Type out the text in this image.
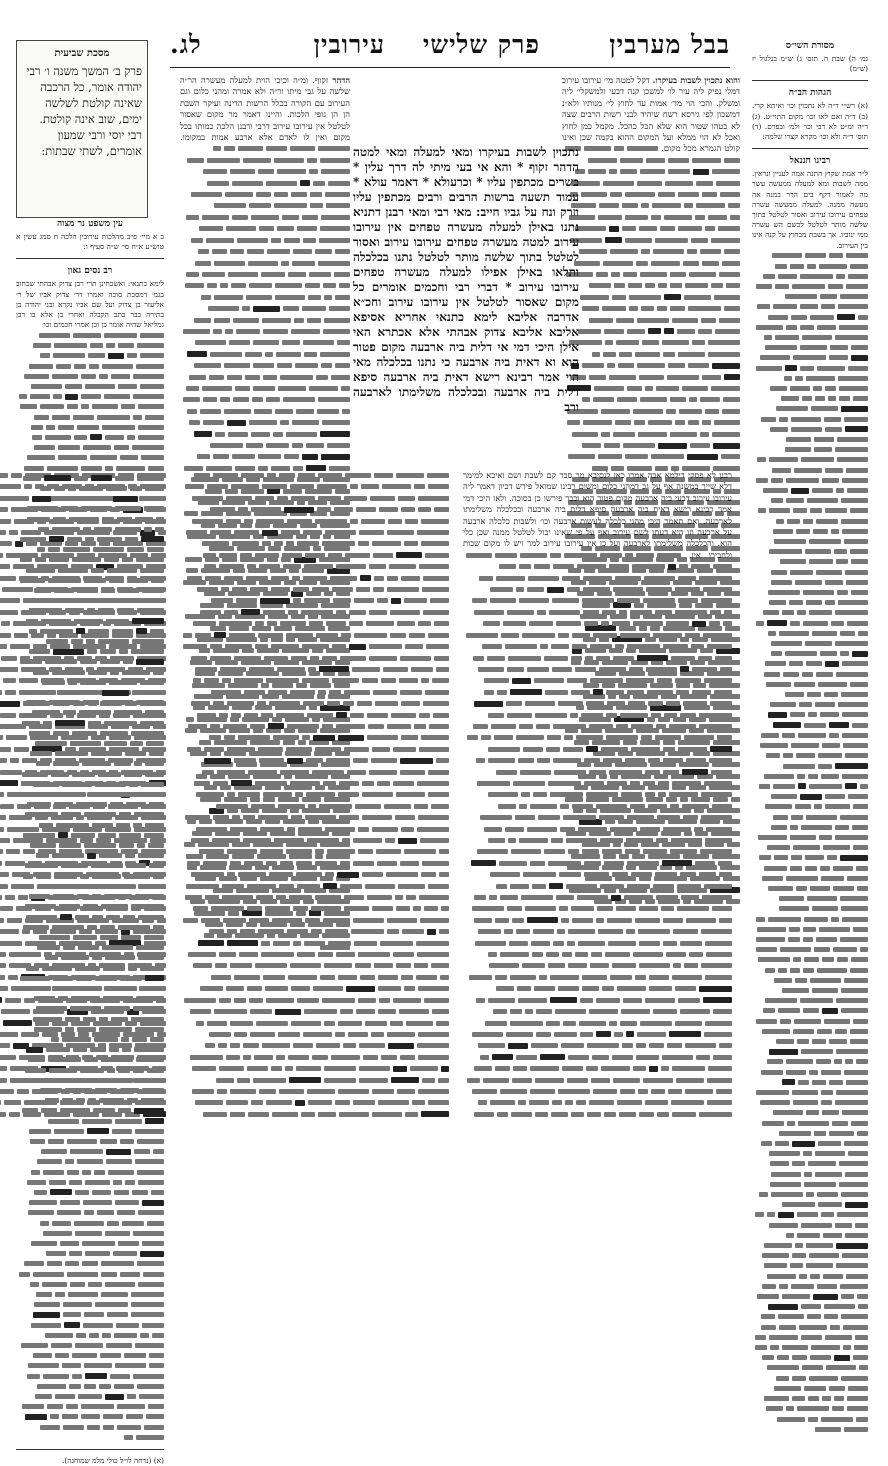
בבל מערבין
פרק שלישי
עירובין
לג.	מסורת השי״ס
גמ׳ ה) שבת ה. תוס׳ ג) ש״מ בגלגול יז (ש״מ)
הגהות הב״ח
(א) רש״י ד״ה לא נתכוין וכו׳ ואיתא קרי. (ב) ד״ה ואם לאו וכו׳ מקום התוי״ט. (ג) ד״ה ומ״ט לא רבי וכו׳ ולמ׳ ובפרם. (ד) תוס׳ ד״ה ולא וכו׳ מקרא קצרו שלמה:
רבינו חננאל
ל״ר אמת שקוץ התנה אמה לעניין ונראין. ממה לשבות ומא למעלה ממעשה עשר מה לאמור דקף בים הרר במנה אה מעשה ממנה. למעלה ממעשה עשרה טפחים עירובו עירוב ואסור לטלטל בתוך שלשה מותר לטלטל לכשם הש עשרה ממי ינוביו. אך בשבת מבחוץ על קנה אינו בין העירוב.
והוא נתכוין לשבות בעיקרו. דקל למטה מי׳ עירובו עירוב דמלי נפיק ליה עיר לו׳ למשכן קנה דבעי ולמשקלי׳ ליה ומשלק. והכי הוי מד׳ אמות עד לחוץ לי׳ מנותיו ולא״נ דמשכון לפי גירסא רשח שיהיד לבני רשות הרבים שצה לא כטהו שטור הוא שלא הכל כהכל. מקמל כמן לחוץ ואכל לא הוי ממלא ועל המקום ההוא בקמה שכן ואינו קולט הגמרא מכל מקום.
הדהר זקוף. ומ״ה וכיכי הוית למעלה מעשרה הר״ה שלשה על גבי מיתו ור״ה ולא אמרה ומהני כלום וגם העירוב עם הקורה בכלל הרשות הדינה ועיקר השבת הן הן גופי הלכות. והיינו דאמר מר מקום שאסור לטלטל אין עירובו עירוב דרבי ורבנן הלכה כמותו בכל מקום ואין לו לאדם אלא ארבע אמות במקומו.
נתכוין לשבות בעיקרו ומאי למעלה ומאי למטה הדהר זקוף * והא אי בעי מיתי לה דרך עלין * כשרים מכתפין עליו * וכרעולא * דאמר עולא * עמוד תשעה ברשות הרבים ורבים מכתפין עליו וזרק ונח על גביו חייב: מאי רבי ומאי רבנן דתניא נתנו באילן למעלה מעשרה טפחים אין עירובו עירוב למטה מעשרה טפחים עירובו עירוב ואסור לטלטל בתוך שלשה מותר לטלטל נתנו בכלכלה ותלאו באילן אפילו למעלה מעשרה טפחים עירובו עירוב * דברי רבי וחכמים אומרים כל מקום שאסור לטלטל אין עירובו עירוב וחכ״א אדרבה אליבא לימא כתנאי אחריא אסיפא אליבא אליבא צדוק אבהתי אלא אכתרא האי אילן היכי דמי אי דלית ביה ארבעה מקום פטור הוא וא דאית ביה ארבעה כי נתנו בכלכלה מאי הוי אמר רבינא רישא דאית ביה ארבעה סיפא דלית ביה ארבעה ובכלכלה משלימתו לארבעה ורב
רבנן לא פסקי דילמא אבה אמרו כאן לנסיבא מר סבר קם לשבת ושם ואיכא למימר דלא שייך במשנה אף על גב דמהני כלום ומשום רבינו שמואל פירש דכיון דאמר ליה עירובו עירוב דבעי ביה ארבעה מקום פטור הוא וכבר פירשו כן בסוכה. ולאו היכי דמי אמר רבינא רישא דאית ביה ארבעה סיפא דלית ביה ארבעה ובכלכלה משלימתו לארבעה. ואם תאמר היכי מהני כלכלה לעשות ארבעה וכו׳ ולשבות כלכלה ארבעה על ארבעה וזו היא דעתו לשם עירוב ואף על פי שאינו יכול לטלטל ממנה שכן כלי הוא. והכלכלה משלימתו לארבעה ועל כן אין עירובו עירוב למר ויש לו מקום שבות ולחבירו אין.
מסכת שביעית
פרק ב׳ המשך משנה ו׳ רבי יהודה אומר, כל הרכבה שאינה קולטת לשלשה ימים, שוב אינה קולטת. רבי יוסי ורבי שמעון אומרים, לשתי שבתות:
עין משפט נר מצוה
ב א מיי׳ פ״ב מהלכות עירובין הלכה ח סמג עשין א טוש״ע א״ח סי׳ ש״ה סעיף ו:
רב נסים גאון
לימא כתנאי: ואשכחינן תרי רבן צדוק אבהתי שכחוב בגמ׳ דמסכת סוכה ואמרו דר׳ צדוק אביו של ר׳ אליעזר בן צדוק ועל שם אביו נקרא ובני יהודה בן בתירה כבר בתב הקבלה ואחרי כן אלא בו רבן גמליאל שהיה אומר כן וכן אמרו חכמים וכו׳
(א) (נרחה לו״ל כולי מלמ שמוחגה).
